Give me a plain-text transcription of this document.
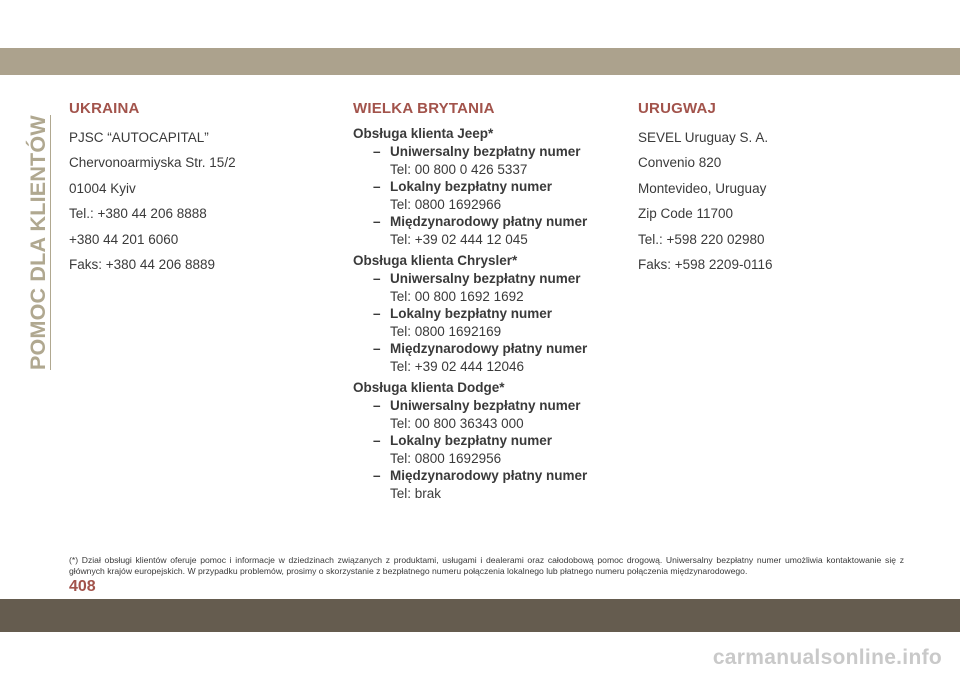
POMOC DLA KLIENTÓW
UKRAINA
PJSC “AUTOCAPITAL”
Chervonoarmiyska Str. 15/2
01004 Kyiv
Tel.: +380 44 206 8888
+380 44 201 6060
Faks: +380 44 206 8889
WIELKA BRYTANIA
Obsługa klienta Jeep*
– Uniwersalny bezpłatny numer
Tel: 00 800 0 426 5337
– Lokalny bezpłatny numer
Tel: 0800 1692966
– Międzynarodowy płatny numer
Tel: +39 02 444 12 045
Obsługa klienta Chrysler*
– Uniwersalny bezpłatny numer
Tel: 00 800 1692 1692
– Lokalny bezpłatny numer
Tel: 0800 1692169
– Międzynarodowy płatny numer
Tel: +39 02 444 12046
Obsługa klienta Dodge*
– Uniwersalny bezpłatny numer
Tel: 00 800 36343 000
– Lokalny bezpłatny numer
Tel: 0800 1692956
– Międzynarodowy płatny numer
Tel: brak
URUGWAJ
SEVEL Uruguay S. A.
Convenio 820
Montevideo, Uruguay
Zip Code 11700
Tel.: +598 220 02980
Faks: +598 2209-0116
(*) Dział obsługi klientów oferuje pomoc i informacje w dziedzinach związanych z produktami, usługami i dealerami oraz całodobową pomoc drogową. Uniwersalny bezpłatny numer umożliwia kontaktowanie się z głównych krajów europejskich. W przypadku problemów, prosimy o skorzystanie z bezpłatnego numeru połączenia lokalnego lub płatnego numeru połączenia międzynarodowego.
408
carmanualsonline.info
